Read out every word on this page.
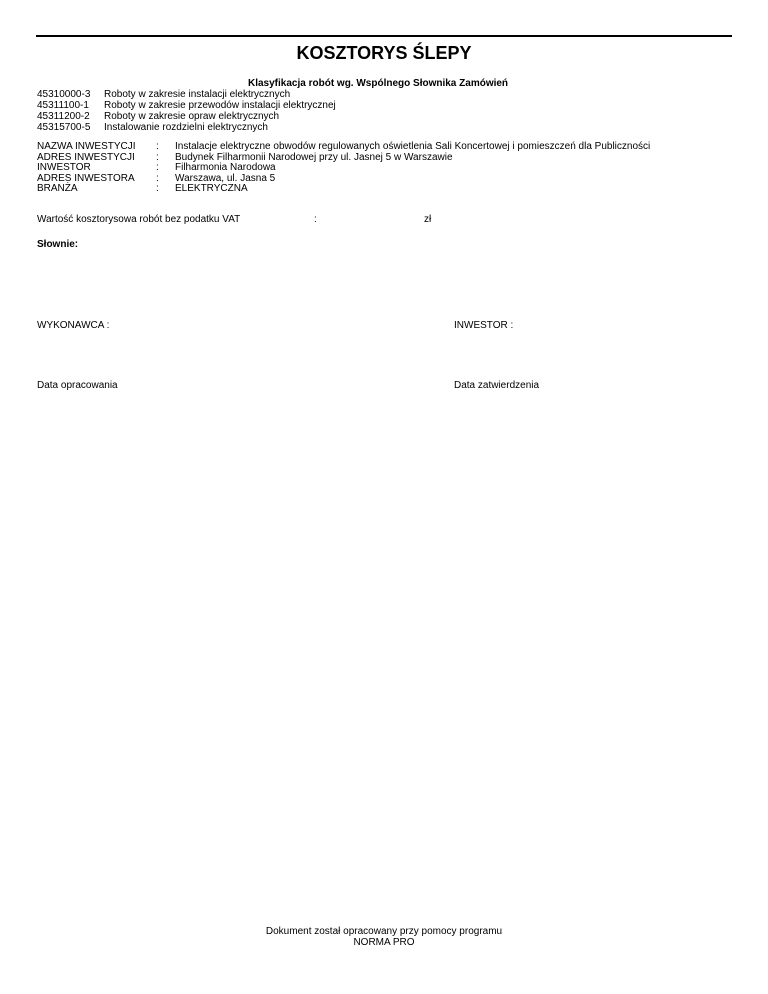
KOSZTORYS ŚLEPY
Klasyfikacja robót wg. Wspólnego Słownika Zamówień
45310000-3	Roboty w zakresie instalacji elektrycznych
45311100-1	Roboty w zakresie przewodów instalacji elektrycznej
45311200-2	Roboty w zakresie opraw elektrycznych
45315700-5	Instalowanie rozdzielni elektrycznych
NAZWA INWESTYCJI	:	Instalacje elektryczne obwodów regulowanych oświetlenia Sali Koncertowej i pomieszczeń dla Publiczności
ADRES INWESTYCJI	:	Budynek Filharmonii Narodowej przy ul. Jasnej 5 w Warszawie
INWESTOR	:	Filharmonia Narodowa
ADRES INWESTORA	:	Warszawa, ul. Jasna 5
BRANŻA	:	ELEKTRYCZNA
Wartość kosztorysowa robót bez podatku VAT	:	zł
Słownie:
WYKONAWCA :	INWESTOR :
Data opracowania	Data zatwierdzenia
Dokument został opracowany przy pomocy programu
NORMA PRO
